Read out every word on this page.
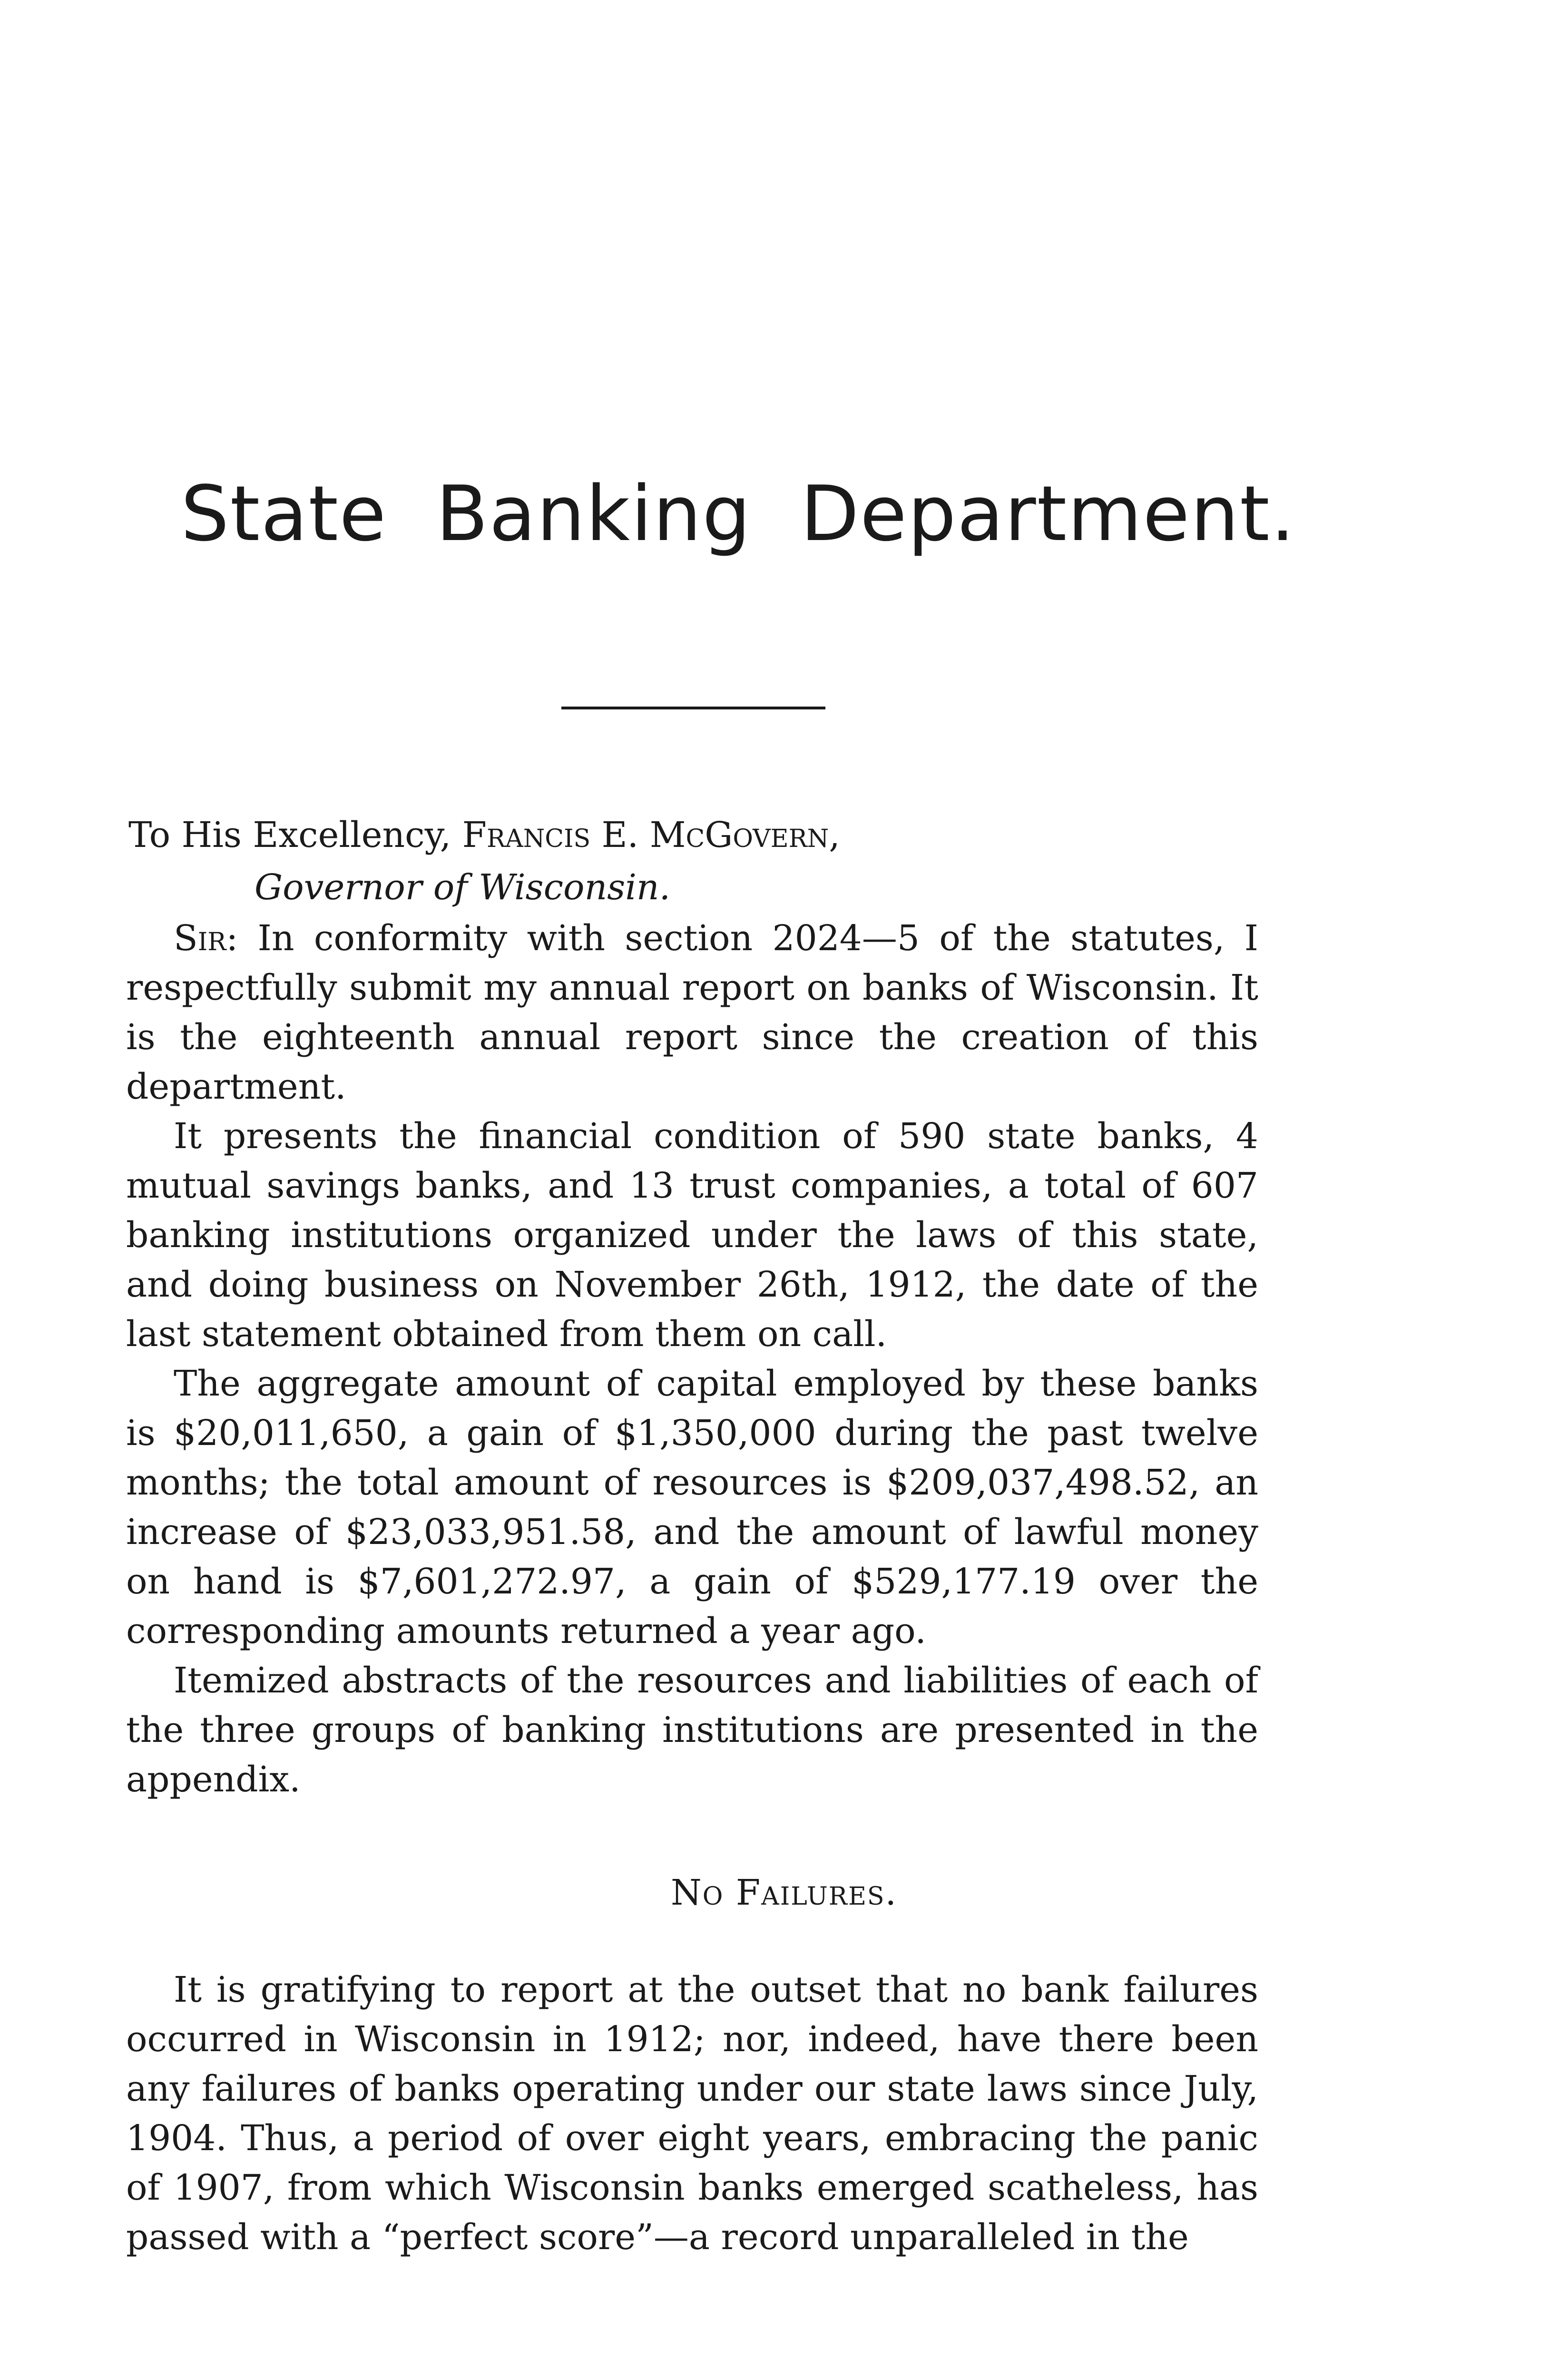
State Banking Department.
To His Excellency, Francis E. McGovern,
Governor of Wisconsin.

Sir: In conformity with section 2024—5 of the statutes, I respectfully submit my annual report on banks of Wisconsin. It is the eighteenth annual report since the creation of this department.

It presents the financial condition of 590 state banks, 4 mutual savings banks, and 13 trust companies, a total of 607 banking institutions organized under the laws of this state, and doing business on November 26th, 1912, the date of the last statement obtained from them on call.

The aggregate amount of capital employed by these banks is $20,011,650, a gain of $1,350,000 during the past twelve months; the total amount of resources is $209,037,498.52, an increase of $23,033,951.58, and the amount of lawful money on hand is $7,601,272.97, a gain of $529,177.19 over the corresponding amounts returned a year ago.

Itemized abstracts of the resources and liabilities of each of the three groups of banking institutions are presented in the appendix.

No Failures.

It is gratifying to report at the outset that no bank failures occurred in Wisconsin in 1912; nor, indeed, have there been any failures of banks operating under our state laws since July, 1904. Thus, a period of over eight years, embracing the panic of 1907, from which Wisconsin banks emerged scatheless, has passed with a “perfect score”—a record unparalleled in the
